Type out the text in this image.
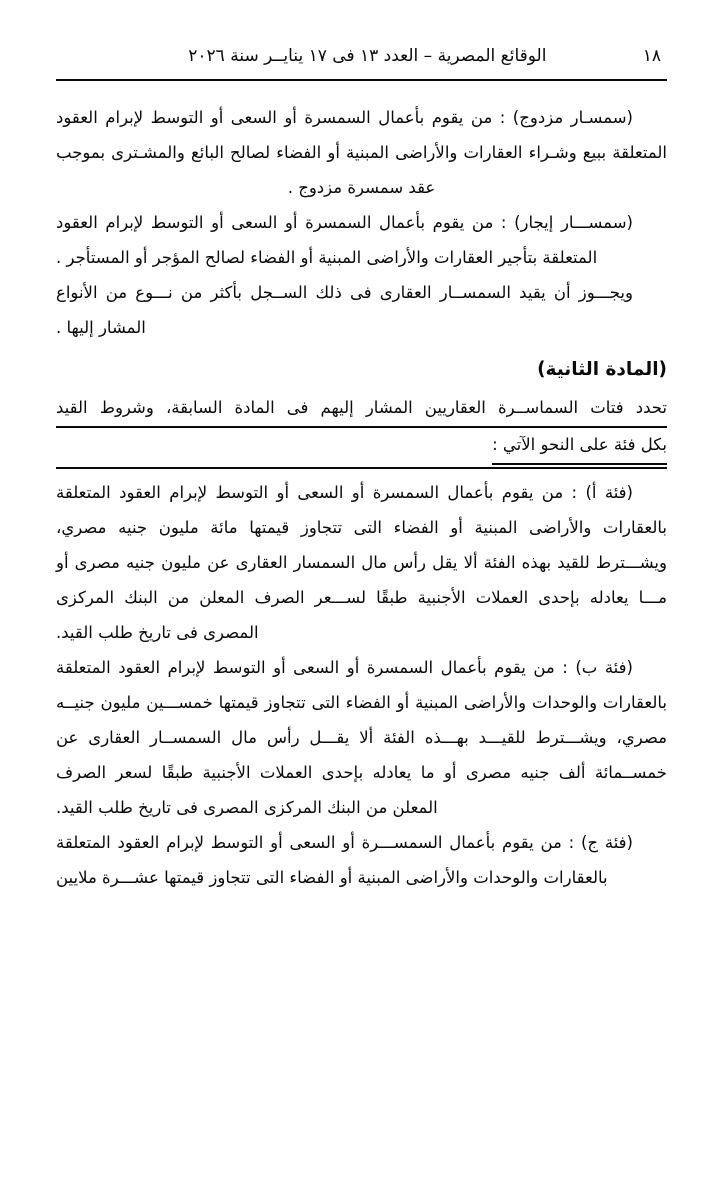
١٨
الوقائع المصرية – العدد ١٣ فى ١٧ ينايــر سنة ٢٠٢٦

(سمسـار مزدوج) : من يقوم بأعمال السمسرة أو السعى أو التوسط لإبرام العقود المتعلقة ببيع وشـراء العقارات والأراضى المبنية أو الفضاء لصالح البائع والمشـترى بموجب عقد سمسرة مزدوج .

(سمســـار إيجار) : من يقوم بأعمال السمسرة أو السعى أو التوسط لإبرام العقود المتعلقة بتأجير العقارات والأراضى المبنية أو الفضاء لصالح المؤجر أو المستأجر .

ويجـــوز أن يقيد السمســار العقارى فى ذلك الســجل بأكثر من نـــوع من الأنواع المشار إليها .

(المادة الثانية)
تحدد فتات السماســرة العقاريين المشار إليهم فى المادة السابقة، وشروط القيد
بكل فئة على النحو الآتي :

(فئة أ) : من يقوم بأعمال السمسرة أو السعى أو التوسط لإبرام العقود المتعلقة بالعقارات والأراضى المبنية أو الفضاء التى تتجاوز قيمتها مائة مليون جنيه مصري، ويشـــترط للقيد بهذه الفئة ألا يقل رأس مال السمسار العقارى عن مليون جنيه مصرى أو مـــا يعادله بإحدى العملات الأجنبية طبقًا لســـعر الصرف المعلن من البنك المركزى المصرى فى تاريخ طلب القيد.

(فئة ب) : من يقوم بأعمال السمسرة أو السعى أو التوسط لإبرام العقود المتعلقة بالعقارات والوحدات والأراضى المبنية أو الفضاء التى تتجاوز قيمتها خمســـين مليون جنيــه مصري، ويشـــترط للقيـــد بهـــذه الفئة ألا يقـــل رأس مال السمســار العقارى عن خمســمائة ألف جنيه مصرى أو ما يعادله بإحدى العملات الأجنبية طبقًا لسعر الصرف المعلن من البنك المركزى المصرى فى تاريخ طلب القيد.

(فئة ج) : من يقوم بأعمال السمســـرة أو السعى أو التوسط لإبرام العقود المتعلقة بالعقارات والوحدات والأراضى المبنية أو الفضاء التى تتجاوز قيمتها عشـــرة ملايين
